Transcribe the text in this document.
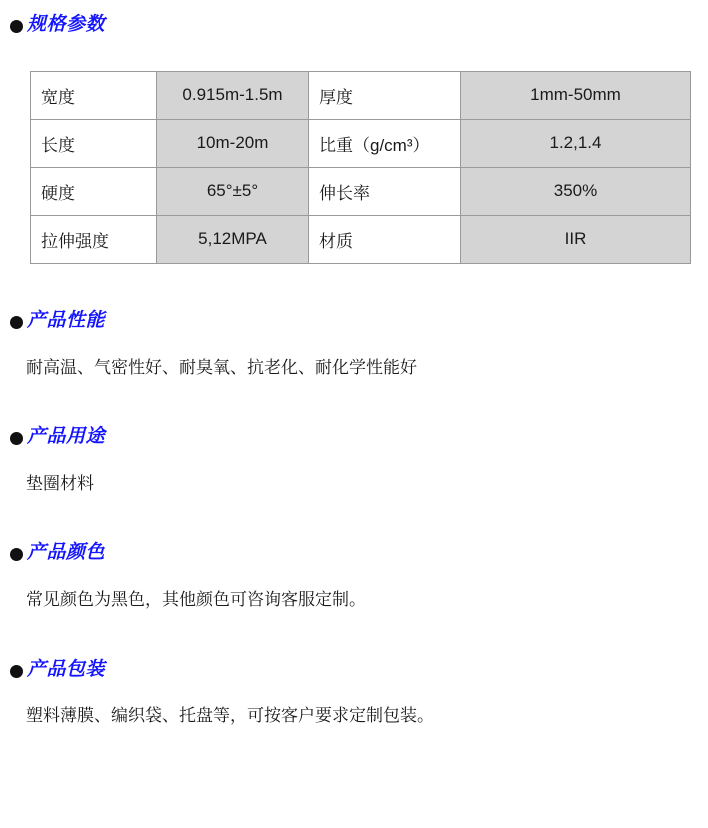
规格参数
宽度	0.915m-1.5m	厚度	1mm-50mm
长度	10m-20m	比重（g/cm³）	1.2,1.4
硬度	65°±5°	伸长率	350%
拉伸强度	5,12MPA	材质	IIR
产品性能

耐高温、气密性好、耐臭氧、抗老化、耐化学性能好

产品用途

垫圈材料

产品颜色

常见颜色为黑色，其他颜色可咨询客服定制。

产品包装

塑料薄膜、编织袋、托盘等，可按客户要求定制包装。
